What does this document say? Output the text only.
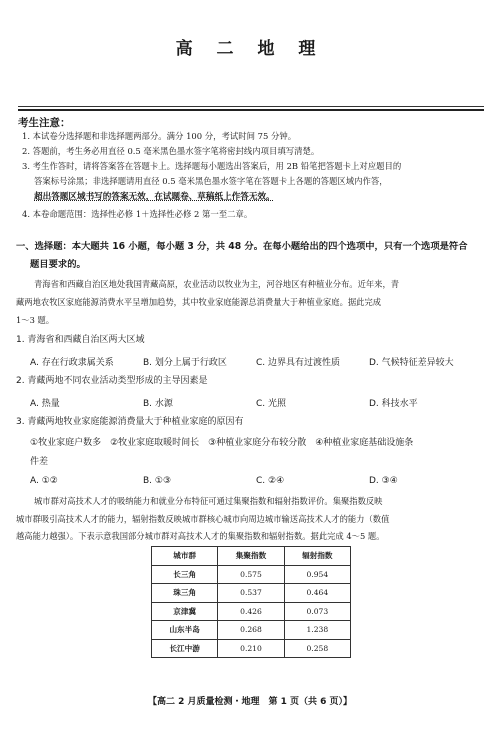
高 二 地 理
考生注意：
1. 本试卷分选择题和非选择题两部分。满分 100 分，考试时间 75 分钟。
2. 答题前，考生务必用直径 0.5 毫米黑色墨水签字笔将密封线内项目填写清楚。
3. 考生作答时，请将答案答在答题卡上。选择题每小题选出答案后，用 2B 铅笔把答题卡上对应题目的
答案标号涂黑；非选择题请用直径 0.5 毫米黑色墨水签字笔在答题卡上各题的答题区域内作答，
超出答题区域书写的答案无效，在试题卷、草稿纸上作答无效。
4. 本卷命题范围：选择性必修 1＋选择性必修 2 第一至二章。
一、选择题：本大题共 16 小题，每小题 3 分，共 48 分。在每小题给出的四个选项中，只有一个选项是符合
题目要求的。
青海省和西藏自治区地处我国青藏高原，农业活动以牧业为主，河谷地区有种植业分布。近年来，青
藏两地农牧区家庭能源消费水平呈增加趋势，其中牧业家庭能源总消费量大于种植业家庭。据此完成
1～3 题。
1. 青海省和西藏自治区两大区域
A. 存在行政隶属关系	B. 划分上属于行政区	C. 边界具有过渡性质	D. 气候特征差异较大
2. 青藏两地不同农业活动类型形成的主导因素是
A. 热量	B. 水源	C. 光照	D. 科技水平
3. 青藏两地牧业家庭能源消费量大于种植业家庭的原因有
①牧业家庭户数多　②牧业家庭取暖时间长　③种植业家庭分布较分散　④种植业家庭基础设施条
件差
A. ①②	B. ①③	C. ②④	D. ③④
城市群对高技术人才的吸纳能力和就业分布特征可通过集聚指数和辐射指数评价。集聚指数反映
城市群吸引高技术人才的能力，辐射指数反映城市群核心城市向周边城市输送高技术人才的能力（数值
越高能力越强）。下表示意我国部分城市群对高技术人才的集聚指数和辐射指数。据此完成 4～5 题。
城市群	集聚指数	辐射指数
长三角	0.575	0.954
珠三角	0.537	0.464
京津冀	0.426	0.073
山东半岛	0.268	1.238
长江中游	0.210	0.258
【高二 2 月质量检测・地理　第 1 页（共 6 页）】
